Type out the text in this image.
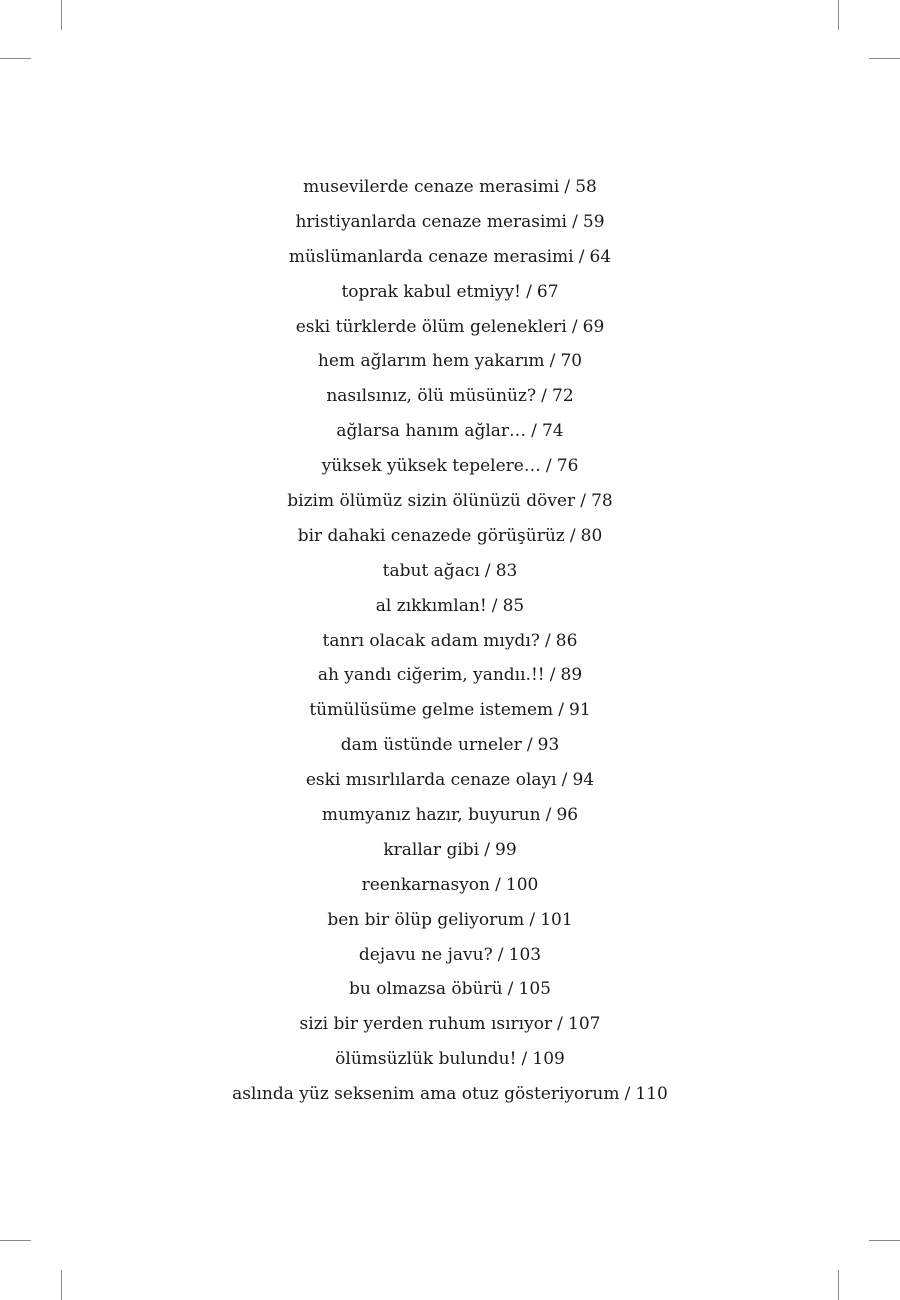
musevilerde cenaze merasimi / 58
hristiyanlarda cenaze merasimi / 59
müslümanlarda cenaze merasimi / 64
toprak kabul etmiyy! / 67
eski türklerde ölüm gelenekleri / 69
hem ağlarım hem yakarım / 70
nasılsınız, ölü müsünüz? / 72
ağlarsa hanım ağlar… / 74
yüksek yüksek tepelere… / 76
bizim ölümüz sizin ölünüzü döver / 78
bir dahaki cenazede görüşürüz / 80
tabut ağacı / 83
al zıkkımlan! / 85
tanrı olacak adam mıydı? / 86
ah yandı ciğerim, yandıı.!! / 89
tümülüsüme gelme istemem / 91
dam üstünde urneler / 93
eski mısırlılarda cenaze olayı / 94
mumyanız hazır, buyurun / 96
krallar gibi / 99
reenkarnasyon / 100
ben bir ölüp geliyorum / 101
dejavu ne javu? / 103
bu olmazsa öbürü / 105
sizi bir yerden ruhum ısırıyor / 107
ölümsüzlük bulundu! / 109
aslında yüz seksenim ama otuz gösteriyorum / 110
